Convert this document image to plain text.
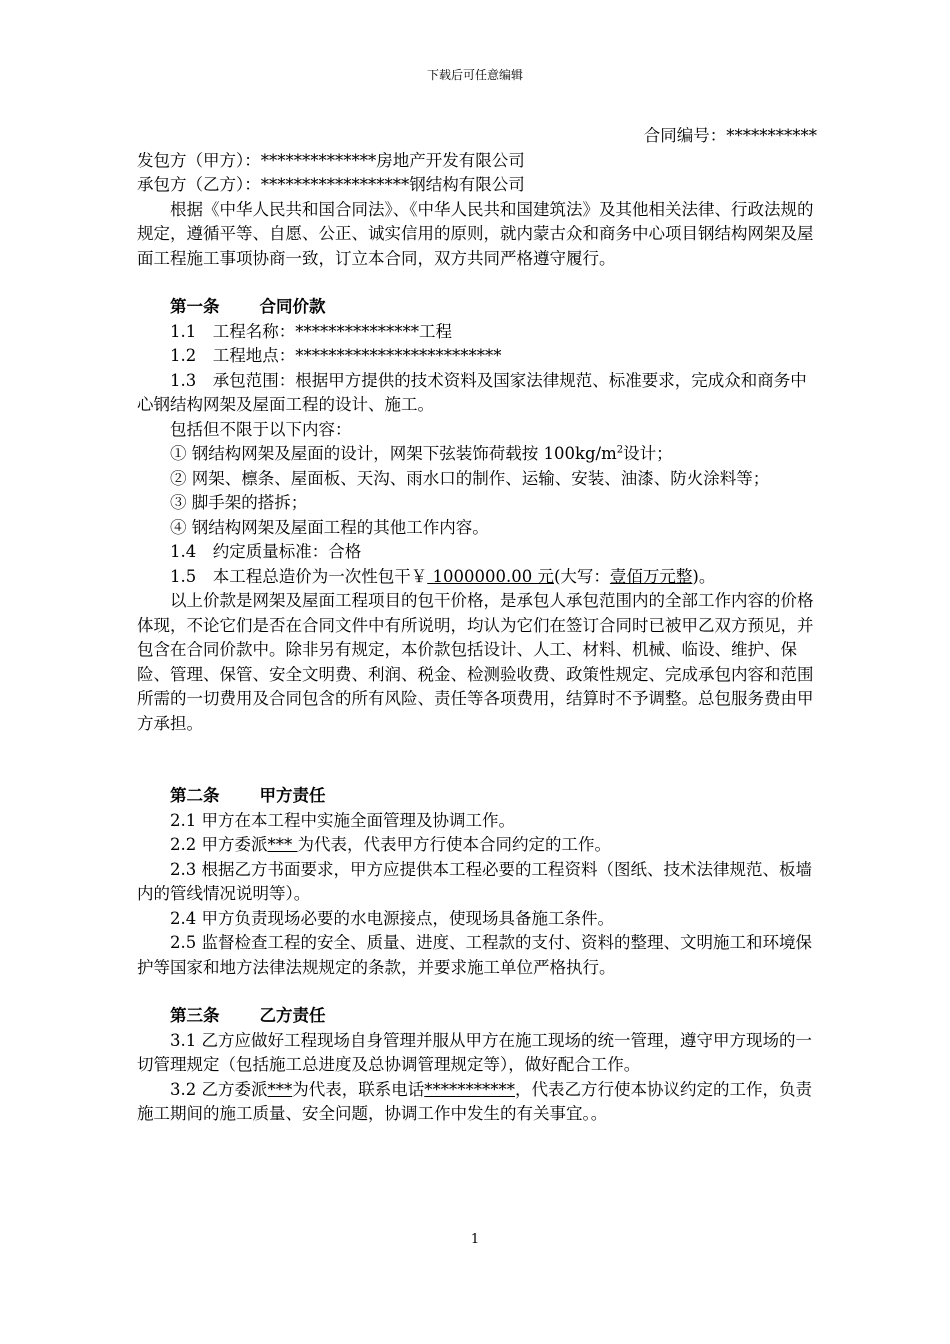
下载后可任意编辑

合同编号：***********

发包方（甲方）：**************房地产开发有限公司

承包方（乙方）：******************钢结构有限公司

根据《中华人民共和国合同法》、《中华人民共和国建筑法》及其他相关法律、行政法规的规定，遵循平等、自愿、公正、诚实信用的原则，就内蒙古众和商务中心项目钢结构网架及屋面工程施工事项协商一致，订立本合同，双方共同严格遵守履行。

第一条 合同价款

1.1　工程名称：***************工程

1.2　工程地点：*************************

1.3　承包范围：根据甲方提供的技术资料及国家法律规范、标准要求，完成众和商务中心钢结构网架及屋面工程的设计、施工。

包括但不限于以下内容：

① 钢结构网架及屋面的设计，网架下弦装饰荷载按 $100kg/m^2$设计；

② 网架、檩条、屋面板、天沟、雨水口的制作、运输、安装、油漆、防火涂料等；

③ 脚手架的搭拆；

④ 钢结构网架及屋面工程的其他工作内容。

1.4　约定质量标准：合格

1.5　本工程总造价为一次性包干￥ 1000000.00 元(大写：壹佰万元整)。

以上价款是网架及屋面工程项目的包干价格，是承包人承包范围内的全部工作内容的价格体现，不论它们是否在合同文件中有所说明，均认为它们在签订合同时已被甲乙双方预见，并包含在合同价款中。除非另有规定，本价款包括设计、人工、材料、机械、临设、维护、保险、管理、保管、安全文明费、利润、税金、检测验收费、政策性规定、完成承包内容和范围所需的一切费用及合同包含的所有风险、责任等各项费用，结算时不予调整。总包服务费由甲方承担。

第二条 甲方责任

2.1 甲方在本工程中实施全面管理及协调工作。

2.2 甲方委派*** 为代表，代表甲方行使本合同约定的工作。

2.3 根据乙方书面要求，甲方应提供本工程必要的工程资料（图纸、技术法律规范、板墙内的管线情况说明等）。

2.4 甲方负责现场必要的水电源接点，使现场具备施工条件。

2.5 监督检查工程的安全、质量、进度、工程款的支付、资料的整理、文明施工和环境保护等国家和地方法律法规规定的条款，并要求施工单位严格执行。

第三条 乙方责任

3.1 乙方应做好工程现场自身管理并服从甲方在施工现场的统一管理，遵守甲方现场的一切管理规定（包括施工总进度及总协调管理规定等），做好配合工作。

3.2 乙方委派***为代表，联系电话***********，代表乙方行使本协议约定的工作，负责施工期间的施工质量、安全问题，协调工作中发生的有关事宜。。

1
